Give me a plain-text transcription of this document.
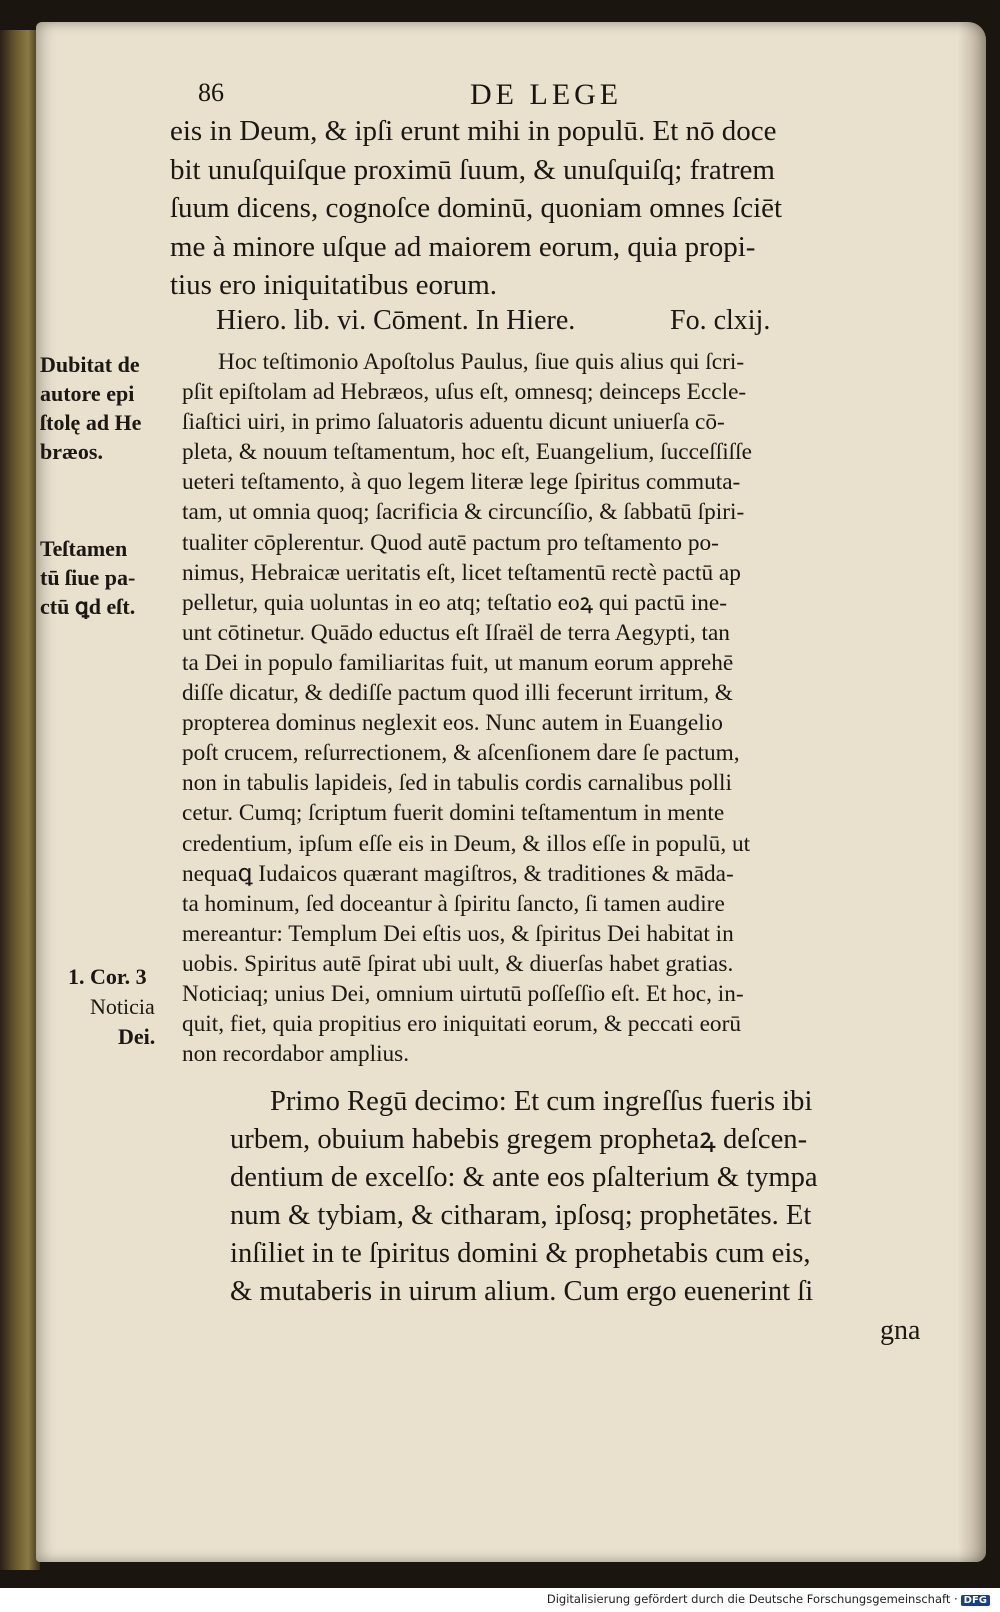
86	DE LEGE
eis in Deum, & ipſi erunt mihi in populū. Et nō doce
bit unuſquiſque proximū ſuum, & unuſquiſq; fratrem
ſuum dicens, cognoſce dominū, quoniam omnes ſciēt
me à minore uſque ad maiorem eorum, quia propi-
tius ero iniquitatibus eorum.
Hiero. lib. vi. Cōment. In Hiere.	Fo. clxij.
Dubitat de
autore epi
ſtolę ad He
bræos.
Teſtamen
tū ſiue pa-
ctū ꝗd eſt.
1. Cor. 3
Noticia
Dei.
Hoc teſtimonio Apoſtolus Paulus, ſiue quis alius qui ſcri-
pſit epiſtolam ad Hebræos, uſus eſt, omnesq; deinceps Eccle-
ſiaſtici uiri, in primo ſaluatoris aduentu dicunt uniuerſa cō-
pleta, & nouum teſtamentum, hoc eſt, Euangelium, ſucceſſiſſe
ueteri teſtamento, à quo legem literæ lege ſpiritus commuta-
tam, ut omnia quoq; ſacrificia & circuncíſio, & ſabbatū ſpiri-
tualiter cōplerentur. Quod autē pactum pro teſtamento po-
nimus, Hebraicæ ueritatis eſt, licet teſtamentū rectè pactū ap
pelletur, quia uoluntas in eo atq; teſtatio eoꝝ qui pactū ine-
unt cōtinetur. Quādo eductus eſt Iſraël de terra Aegypti, tan
ta Dei in populo familiaritas fuit, ut manum eorum apprehē
diſſe dicatur, & dediſſe pactum quod illi fecerunt irritum, &
propterea dominus neglexit eos. Nunc autem in Euangelio
poſt crucem, reſurrectionem, & aſcenſionem dare ſe pactum,
non in tabulis lapideis, ſed in tabulis cordis carnalibus polli
cetur. Cumq; ſcriptum fuerit domini teſtamentum in mente
credentium, ipſum eſſe eis in Deum, & illos eſſe in populū, ut
nequaꝗ Iudaicos quærant magiſtros, & traditiones & māda-
ta hominum, ſed doceantur à ſpiritu ſancto, ſi tamen audire
mereantur: Templum Dei eſtis uos, & ſpiritus Dei habitat in
uobis. Spiritus autē ſpirat ubi uult, & diuerſas habet gratias.
Noticiaq; unius Dei, omnium uirtutū poſſeſſio eſt. Et hoc, in-
quit, fiet, quia propitius ero iniquitati eorum, & peccati eorū
non recordabor amplius.
Primo Regū decimo: Et cum ingreſſus fueris ibi
urbem, obuium habebis gregem prophetaꝝ deſcen-
dentium de excelſo: & ante eos pſalterium & tympa
num & tybiam, & citharam, ipſosq; prophetātes. Et
inſiliet in te ſpiritus domini & prophetabis cum eis,
& mutaberis in uirum alium. Cum ergo euenerint ſi
gna
Digitalisierung gefördert durch die Deutsche Forschungsgemeinschaft · DFG
